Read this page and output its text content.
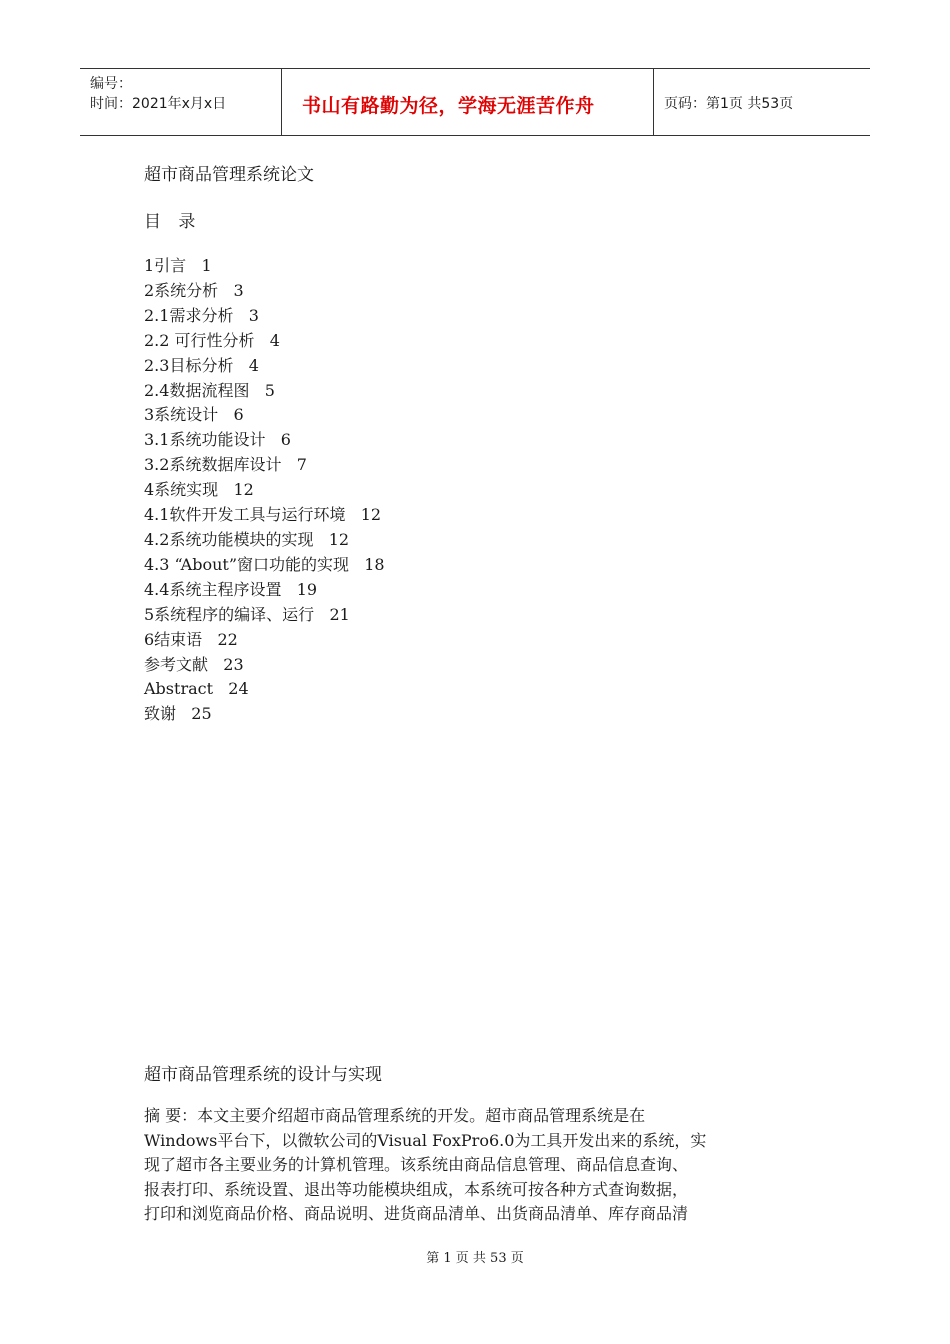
编号：
时间：2021年x月x日	书山有路勤为径，学海无涯苦作舟	页码：第1页 共53页
超市商品管理系统论文
目 录
1引言   1
2系统分析   3
2.1需求分析   3
2.2 可行性分析   4
2.3目标分析   4
2.4数据流程图   5
3系统设计   6
3.1系统功能设计   6
3.2系统数据库设计   7
4系统实现   12
4.1软件开发工具与运行环境   12
4.2系统功能模块的实现   12
4.3 “About”窗口功能的实现   18
4.4系统主程序设置   19
5系统程序的编译、运行   21
6结束语   22
参考文献   23
Abstract   24
致谢   25
超市商品管理系统的设计与实现

摘 要：本文主要介绍超市商品管理系统的开发。超市商品管理系统是在

Windows平台下，以微软公司的Visual FoxPro6.0为工具开发出来的系统，实

现了超市各主要业务的计算机管理。该系统由商品信息管理、商品信息查询、

报表打印、系统设置、退出等功能模块组成，本系统可按各种方式查询数据，

打印和浏览商品价格、商品说明、进货商品清单、出货商品清单、库存商品清

第 1 页 共 53 页
